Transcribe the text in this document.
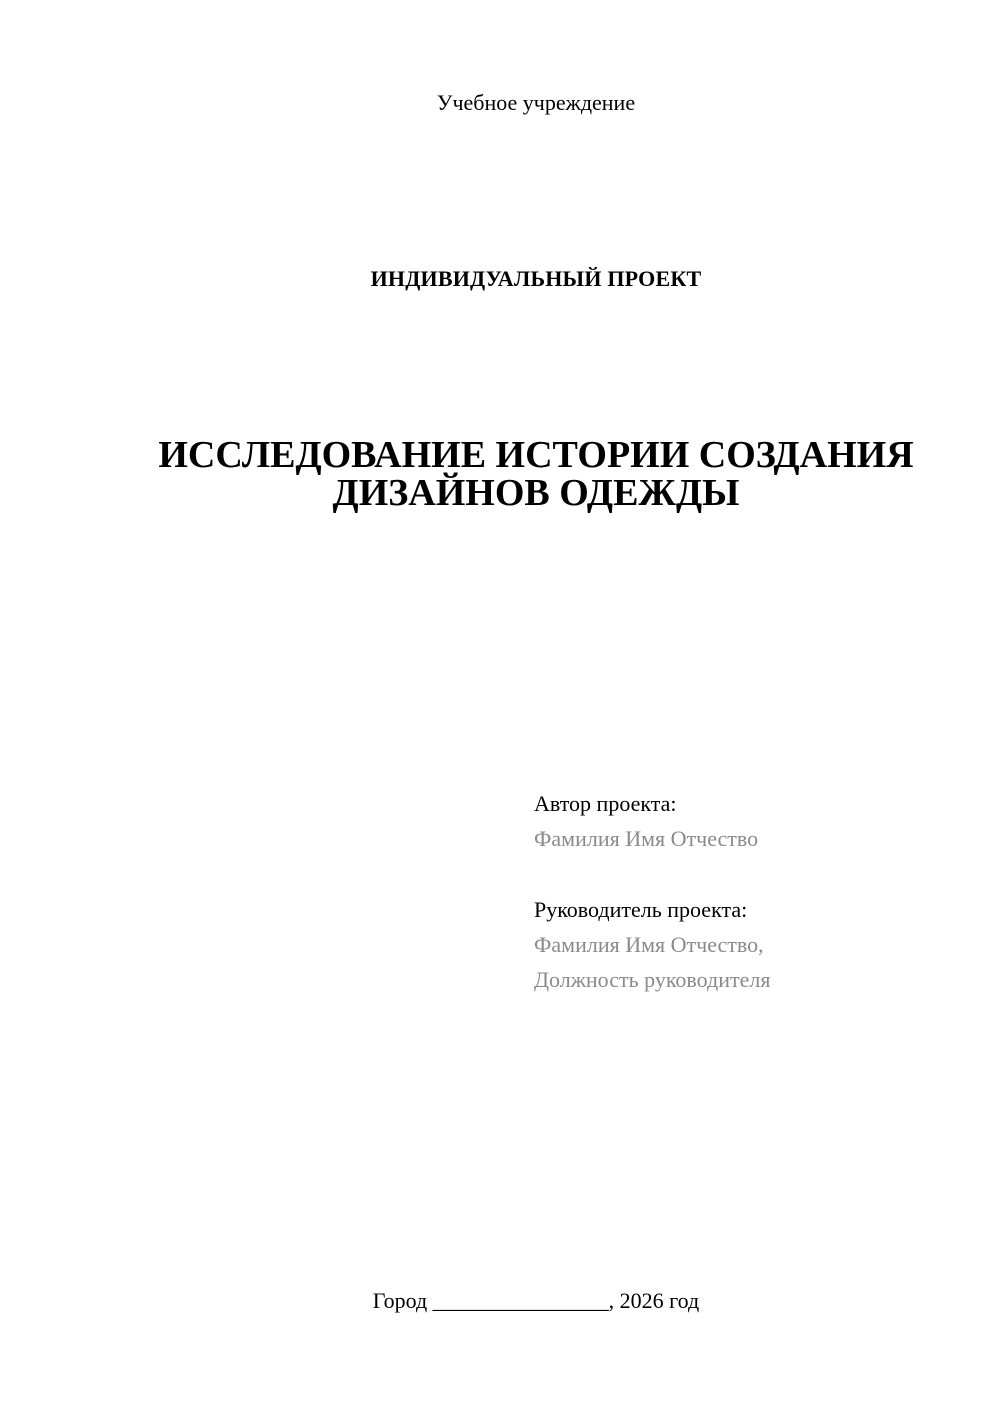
Учебное учреждение
ИНДИВИДУАЛЬНЫЙ ПРОЕКТ
ИССЛЕДОВАНИЕ ИСТОРИИ СОЗДАНИЯ
ДИЗАЙНОВ ОДЕЖДЫ
Автор проекта:
Фамилия Имя Отчество
Руководитель проекта:
Фамилия Имя Отчество,
Должность руководителя
Город ________________, 2026 год
